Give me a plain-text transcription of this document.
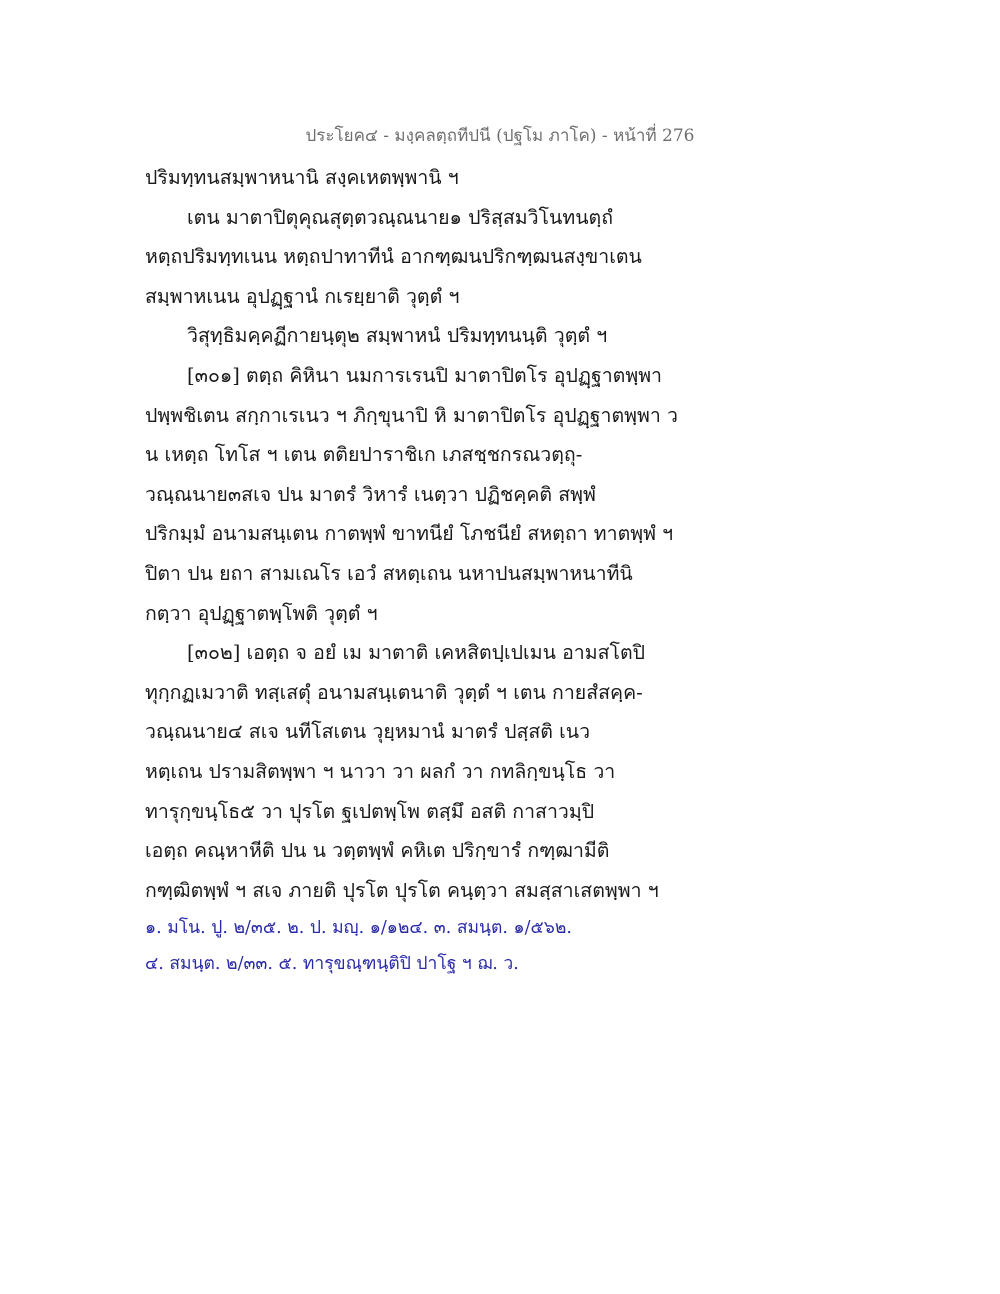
ประโยค๔ - มงฺคลตฺถทีปนี (ปฐโม ภาโค) - หน้าที่ 276
ปริมทฺทนสมฺพาหนานิ สงฺคเหตพฺพานิ ฯ
เตน มาตาปิตุคุณสุตฺตวณฺณนาย๑ ปริสฺสมวิโนทนตฺถํ
หตฺถปริมทฺทเนน หตฺถปาทาทีนํ อากฑฺฒนปริกฑฺฒนสงฺขาเตน
สมฺพาหเนน อุปฏฺฐานํ กเรยฺยาติ วุตฺตํ ฯ
วิสุทฺธิมคฺคฏีกายนฺตุ๒ สมฺพาหนํ ปริมทฺทนนฺติ วุตฺตํ ฯ
[๓๐๑] ตตฺถ คิหินา นมการเรนปิ มาตาปิตโร อุปฏฺฐาตพฺพา
ปพฺพชิเตน สกฺกาเรเนว ฯ ภิกฺขุนาปิ หิ มาตาปิตโร อุปฏฺฐาตพฺพา ว
น เหตฺถ โทโส ฯ เตน ตติยปาราชิเก เภสชฺชกรณวตฺถุ-
วณฺณนาย๓สเจ ปน มาตรํ วิหารํ เนตฺวา ปฏิชคฺคติ สพฺพํ
ปริกมฺมํ อนามสนฺเตน กาตพฺพํ ขาทนียํ โภชนียํ สหตฺถา ทาตพฺพํ ฯ
ปิตา ปน ยถา สามเณโร เอวํ สหตฺเถน นหาปนสมฺพาหนาทีนิ
กตฺวา อุปฏฺฐาตพฺโพติ วุตฺตํ ฯ
[๓๐๒] เอตฺถ จ อยํ เม มาตาติ เคหสิตปฺเปเมน อามสโตปิ
ทุกฺกฏเมวาติ ทสฺเสตุํ อนามสนฺเตนาติ วุตฺตํ ฯ เตน กายสํสคฺค-
วณฺณนาย๔ สเจ นทีโสเตน วุยฺหมานํ มาตรํ ปสฺสติ เนว
หตฺเถน ปรามสิตพฺพา ฯ นาวา วา ผลกํ วา กทลิกฺขนฺโธ วา
ทารุกฺขนฺโธ๕ วา ปุรโต ฐเปตพฺโพ ตสฺมึ อสติ กาสาวมฺปิ
เอตฺถ คณฺหาหีติ ปน น วตฺตพฺพํ คหิเต ปริกฺขารํ กฑฺฒามีติ
กฑฺฒิตพฺพํ ฯ สเจ ภายติ ปุรโต ปุรโต คนฺตฺวา สมสฺสาเสตพฺพา ฯ
๑. มโน. ปู. ๒/๓๕. ๒. ป. มญฺ. ๑/๑๒๔. ๓. สมนฺต. ๑/๕๖๒.
๔. สมนฺต. ๒/๓๓. ๕. ทารุขณฺฑนฺติปิ ปาโฐ ฯ ฌ. ว.
